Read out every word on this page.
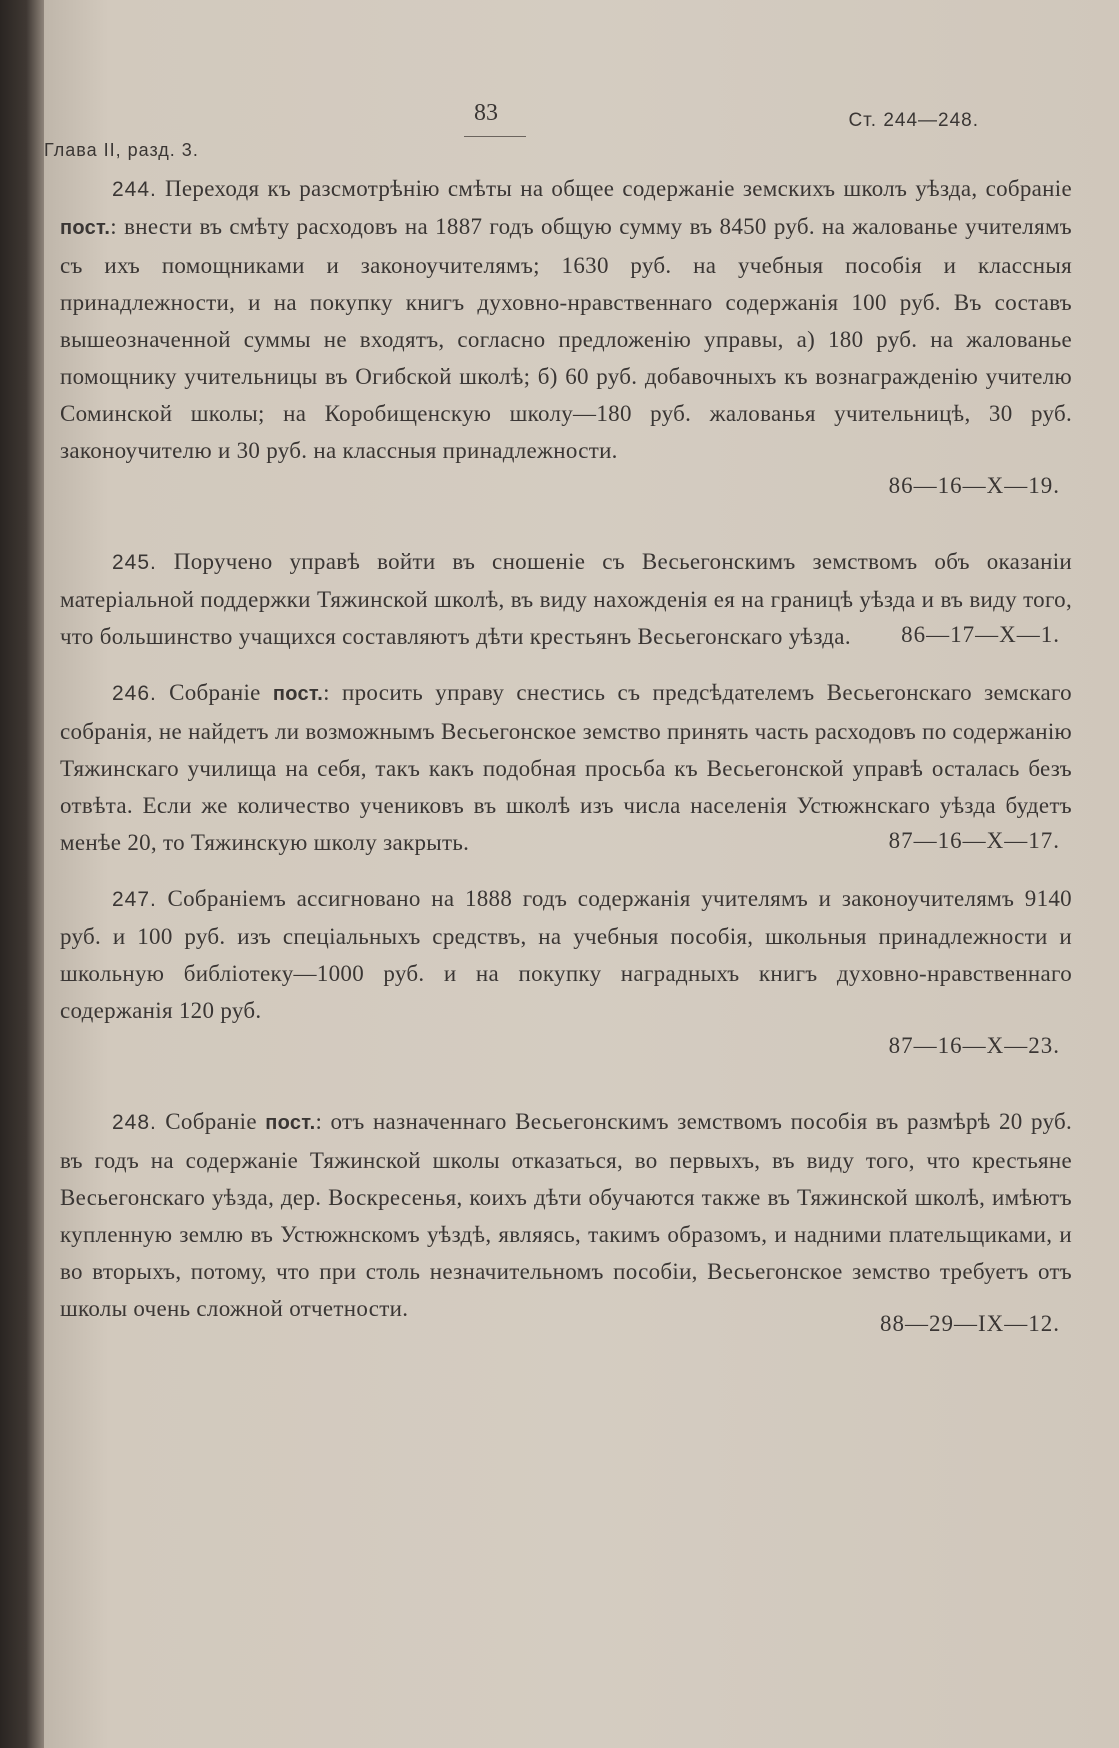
Глава II, разд. 3.
83	Ст. 244—248.

244. Переходя къ разсмотрѣнію смѣты на общее содержаніе земскихъ школъ уѣзда, собраніе пост.: внести въ смѣту расходовъ на 1887 годъ общую сумму въ 8450 руб. на жалованье учителямъ съ ихъ помощниками и законоучителямъ; 1630 руб. на учебныя пособія и классныя принадлежности, и на покупку книгъ духовно-нравственнаго содержанія 100 руб. Въ составъ вышеозначенной суммы не входятъ, согласно предложенію управы, а) 180 руб. на жалованье помощнику учительницы въ Огибской школѣ; б) 60 руб. добавочныхъ къ вознагражденію учителю Соминской школы; на Коробищенскую школу—180 руб. жалованья учительницѣ, 30 руб. законоучителю и 30 руб. на классныя принадлежности.
86—16—X—19.

245. Поручено управѣ войти въ сношеніе съ Весьегонскимъ земствомъ объ оказаніи матеріальной поддержки Тяжинской школѣ, въ виду нахожденія ея на границѣ уѣзда и въ виду того, что большинство учащихся составляютъ дѣти крестьянъ Весьегонскаго уѣзда.	86—17—X—1.

246. Собраніе пост.: просить управу снестись съ предсѣдателемъ Весьегонскаго земскаго собранія, не найдетъ ли возможнымъ Весьегонское земство принять часть расходовъ по содержанію Тяжинскаго училища на себя, такъ какъ подобная просьба къ Весьегонской управѣ осталась безъ отвѣта. Если же количество учениковъ въ школѣ изъ числа населенія Устюжнскаго уѣзда будетъ менѣе 20, то Тяжинскую школу закрыть.	87—16—X—17.

247. Собраніемъ ассигновано на 1888 годъ содержанія учителямъ и законоучителямъ 9140 руб. и 100 руб. изъ спеціальныхъ средствъ, на учебныя пособія, школьныя принадлежности и школьную библіотеку—1000 руб. и на покупку наградныхъ книгъ духовно-нравственнаго содержанія 120 руб.
87—16—X—23.

248. Собраніе пост.: отъ назначеннаго Весьегонскимъ земствомъ пособія въ размѣрѣ 20 руб. въ годъ на содержаніе Тяжинской школы отказаться, во первыхъ, въ виду того, что крестьяне Весьегонскаго уѣзда, дер. Воскресенья, коихъ дѣти обучаются также въ Тяжинской школѣ, имѣютъ купленную землю въ Устюжнскомъ уѣздѣ, являясь, такимъ образомъ, и надними плательщиками, и во вторыхъ, потому, что при столь незначительномъ пособіи, Весьегонское земство требуетъ отъ школы очень сложной отчетности.
88—29—IX—12.
